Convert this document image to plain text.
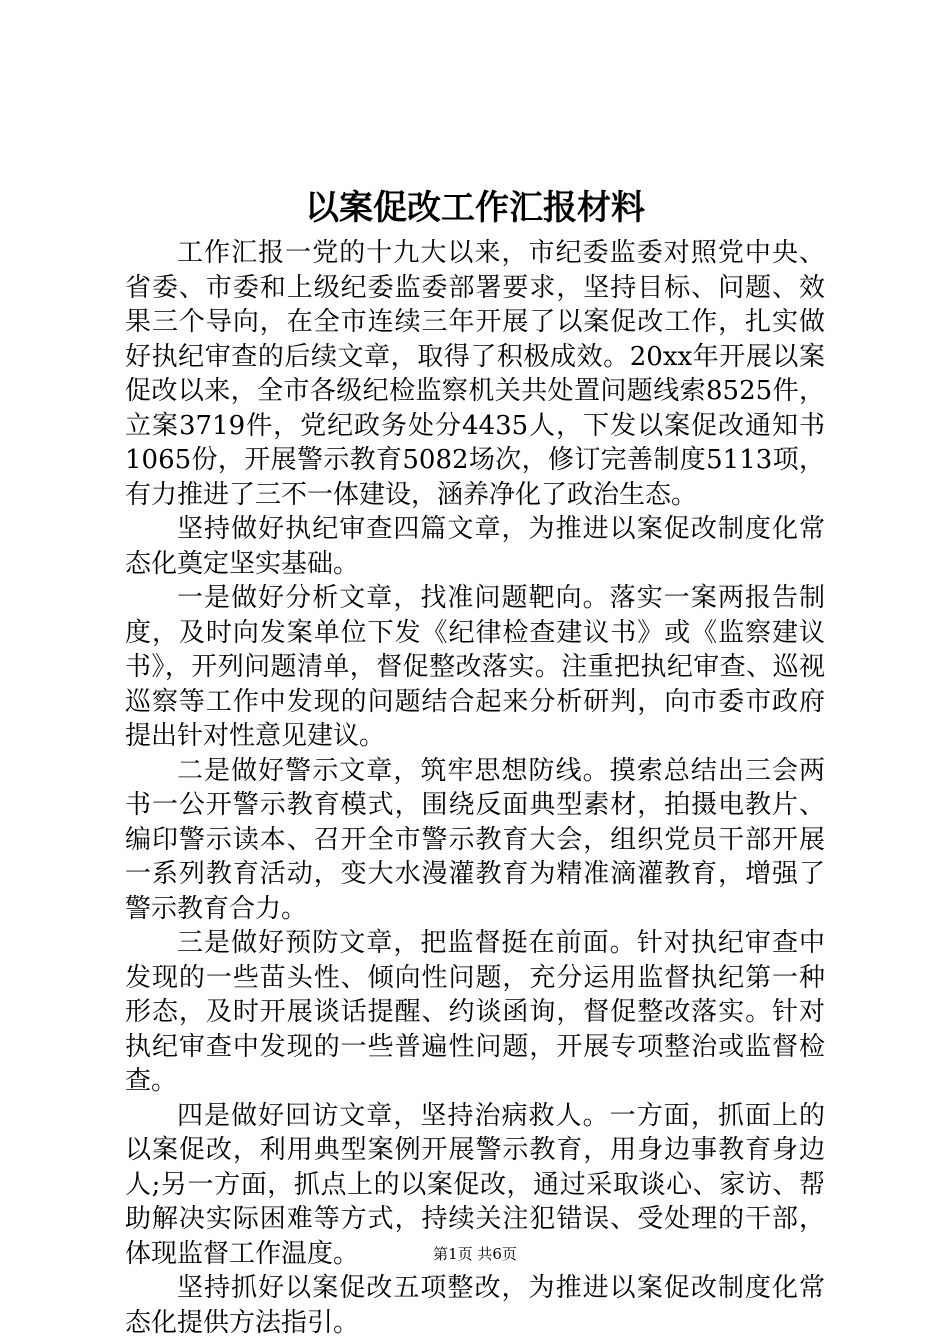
以案促改工作汇报材料

工作汇报一党的十九大以来，市纪委监委对照党中央、省委、市委和上级纪委监委部署要求，坚持目标、问题、效果三个导向，在全市连续三年开展了以案促改工作，扎实做好执纪审查的后续文章，取得了积极成效。20xx年开展以案促改以来，全市各级纪检监察机关共处置问题线索8525件，立案3719件，党纪政务处分4435人，下发以案促改通知书1065份，开展警示教育5082场次，修订完善制度5113项，有力推进了三不一体建设，涵养净化了政治生态。

坚持做好执纪审查四篇文章，为推进以案促改制度化常态化奠定坚实基础。

一是做好分析文章，找准问题靶向。落实一案两报告制度，及时向发案单位下发《纪律检查建议书》或《监察建议书》，开列问题清单，督促整改落实。注重把执纪审查、巡视巡察等工作中发现的问题结合起来分析研判，向市委市政府提出针对性意见建议。

二是做好警示文章，筑牢思想防线。摸索总结出三会两书一公开警示教育模式，围绕反面典型素材，拍摄电教片、编印警示读本、召开全市警示教育大会，组织党员干部开展一系列教育活动，变大水漫灌教育为精准滴灌教育，增强了警示教育合力。

三是做好预防文章，把监督挺在前面。针对执纪审查中发现的一些苗头性、倾向性问题，充分运用监督执纪第一种形态，及时开展谈话提醒、约谈函询，督促整改落实。针对执纪审查中发现的一些普遍性问题，开展专项整治或监督检查。

四是做好回访文章，坚持治病救人。一方面，抓面上的以案促改，利用典型案例开展警示教育，用身边事教育身边人;另一方面，抓点上的以案促改，通过采取谈心、家访、帮助解决实际困难等方式，持续关注犯错误、受处理的干部，体现监督工作温度。

坚持抓好以案促改五项整改，为推进以案促改制度化常态化提供方法指引。

第1页 共6页
